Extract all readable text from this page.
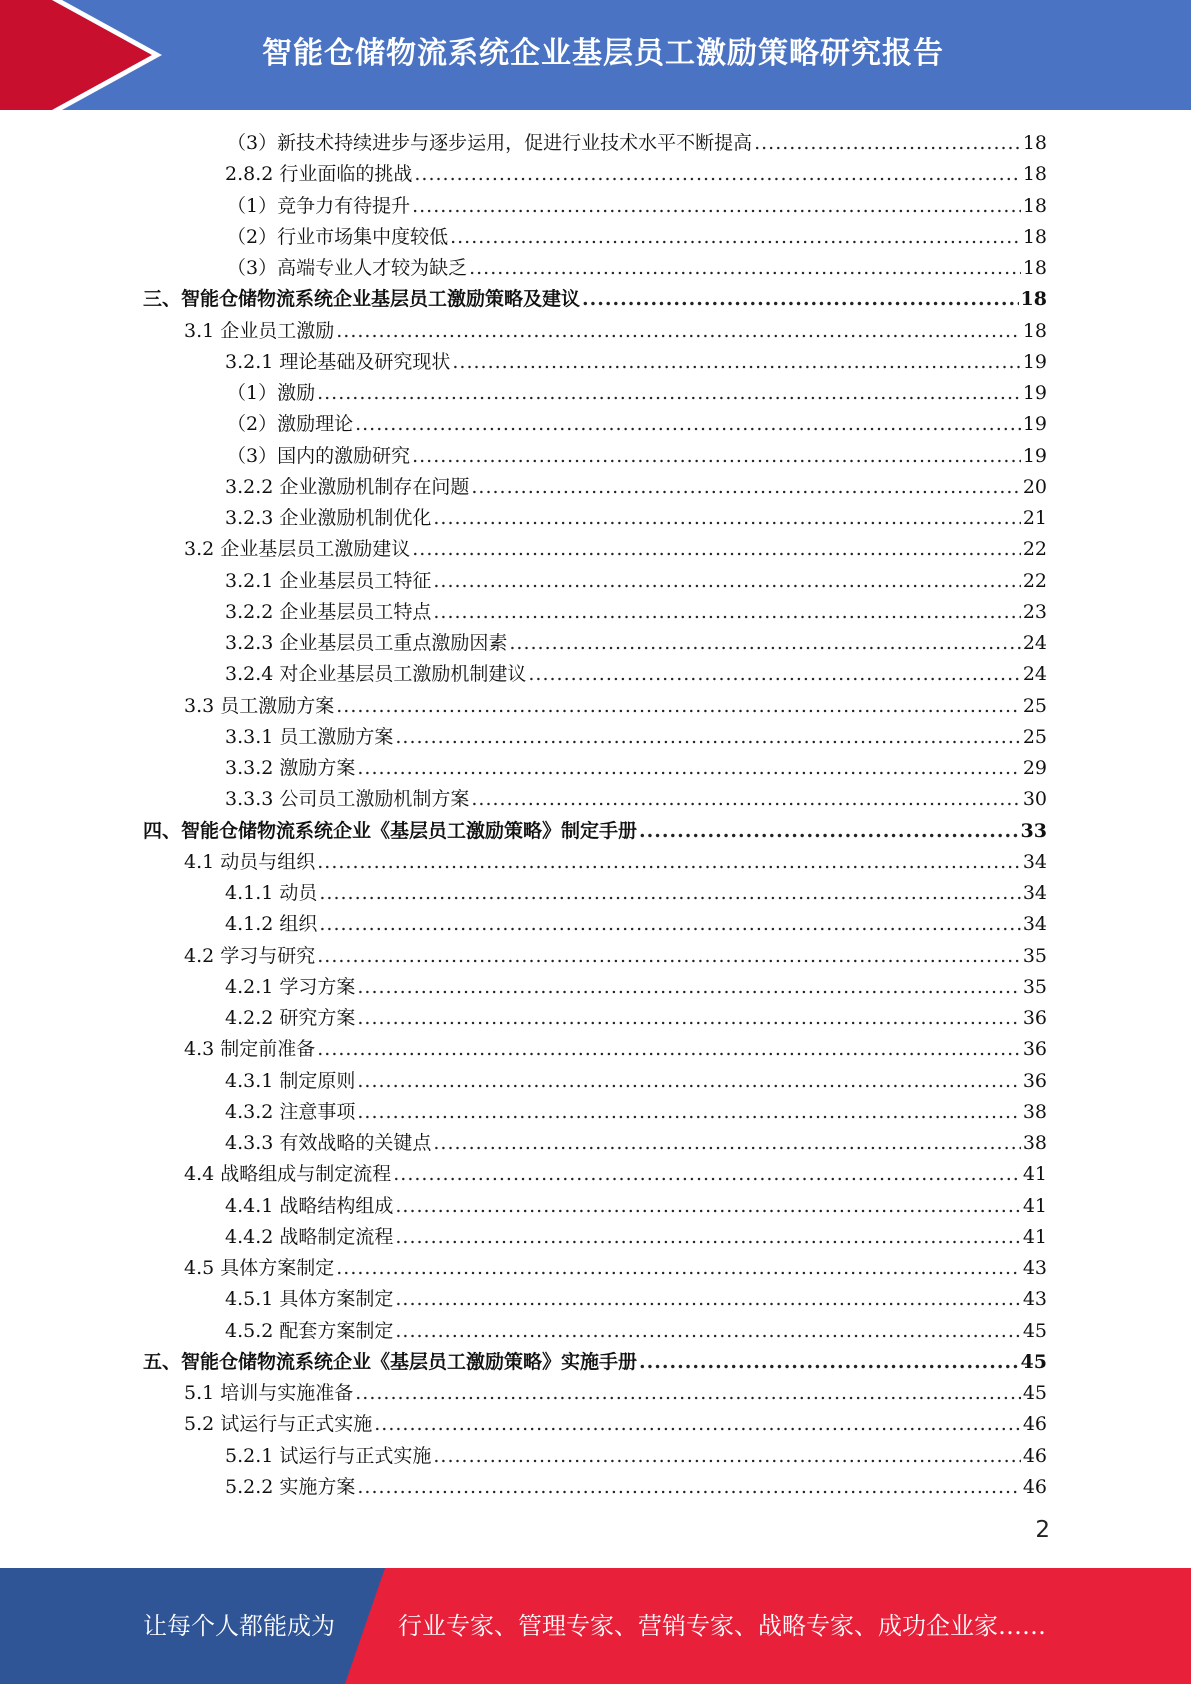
智能仓储物流系统企业基层员工激励策略研究报告
（3）新技术持续进步与逐步运用，促进行业技术水平不断提高 .....	18
2.8.2 行业面临的挑战 .....	18
（1）竞争力有待提升 .....	18
（2）行业市场集中度较低 .....	18
（3）高端专业人才较为缺乏 .....	18
三、智能仓储物流系统企业基层员工激励策略及建议 .....	18
3.1 企业员工激励 .....	18
3.2.1 理论基础及研究现状 .....	19
（1）激励 .....	19
（2）激励理论 .....	19
（3）国内的激励研究 .....	19
3.2.2 企业激励机制存在问题 .....	20
3.2.3 企业激励机制优化 .....	21
3.2 企业基层员工激励建议 .....	22
3.2.1 企业基层员工特征 .....	22
3.2.2 企业基层员工特点 .....	23
3.2.3 企业基层员工重点激励因素 .....	24
3.2.4 对企业基层员工激励机制建议 .....	24
3.3 员工激励方案 .....	25
3.3.1 员工激励方案 .....	25
3.3.2 激励方案 .....	29
3.3.3 公司员工激励机制方案 .....	30
四、智能仓储物流系统企业《基层员工激励策略》制定手册 .....	33
4.1 动员与组织 .....	34
4.1.1 动员 .....	34
4.1.2 组织 .....	34
4.2 学习与研究 .....	35
4.2.1 学习方案 .....	35
4.2.2 研究方案 .....	36
4.3 制定前准备 .....	36
4.3.1 制定原则 .....	36
4.3.2 注意事项 .....	38
4.3.3 有效战略的关键点 .....	38
4.4 战略组成与制定流程 .....	41
4.4.1 战略结构组成 .....	41
4.4.2 战略制定流程 .....	41
4.5 具体方案制定 .....	43
4.5.1 具体方案制定 .....	43
4.5.2 配套方案制定 .....	45
五、智能仓储物流系统企业《基层员工激励策略》实施手册 .....	45
5.1 培训与实施准备 .....	45
5.2 试运行与正式实施 .....	46
5.2.1 试运行与正式实施 .....	46
5.2.2 实施方案 .....	46
2
让每个人都能成为	行业专家、管理专家、营销专家、战略专家、成功企业家……
